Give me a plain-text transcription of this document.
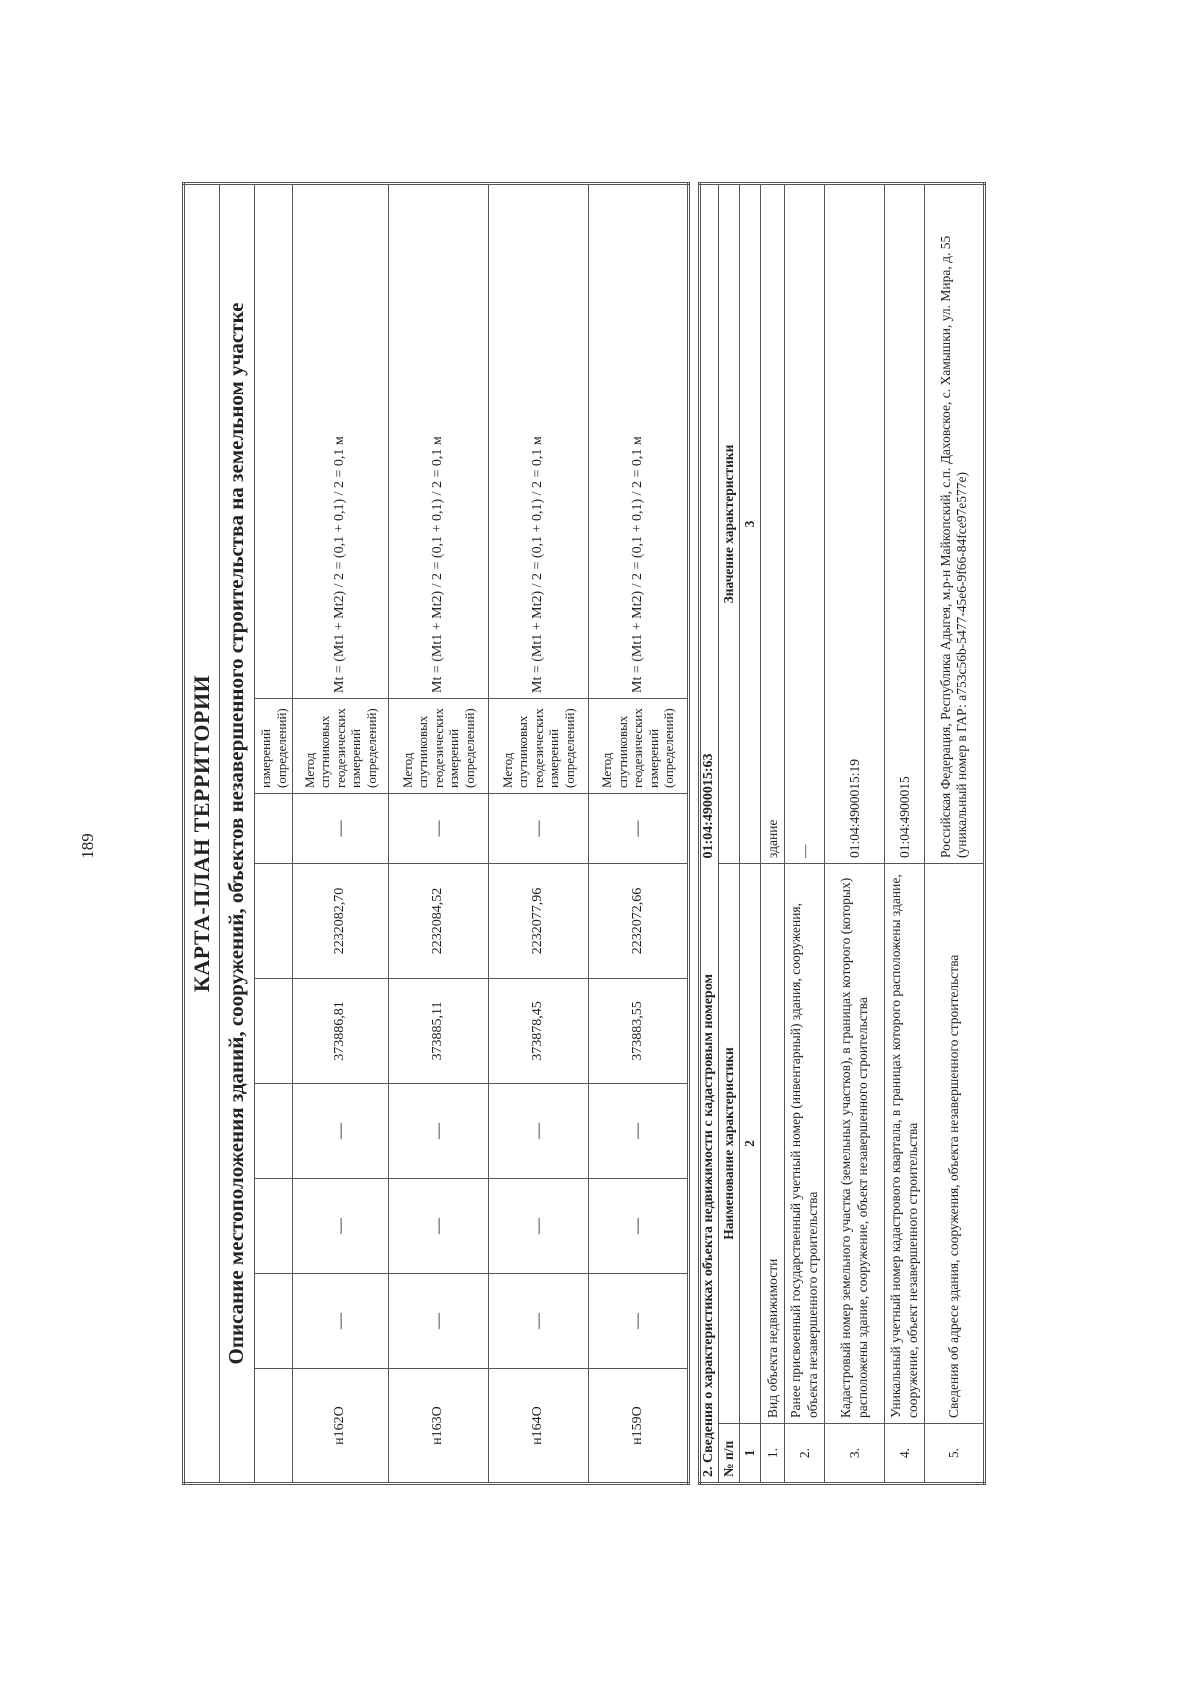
189	КАРТА-ПЛАН ТЕРРИТОРИИ								
Описание местоположения зданий, сооружений, объектов незавершенного строительства на земельном участке								
							измерений (определений)	
н162О	—	—	—	373886,81	2232082,70	—	Метод спутниковых геодезических измерений (определений)	Mt = (Mt1 + Mt2) / 2 = (0,1 + 0,1) / 2 = 0,1 м
н163О	—	—	—	373885,11	2232084,52	—	Метод спутниковых геодезических измерений (определений)	Mt = (Mt1 + Mt2) / 2 = (0,1 + 0,1) / 2 = 0,1 м
н164О	—	—	—	373878,45	2232077,96	—	Метод спутниковых геодезических измерений (определений)	Mt = (Mt1 + Mt2) / 2 = (0,1 + 0,1) / 2 = 0,1 м
н159О	—	—	—	373883,55	2232072,66	—	Метод спутниковых геодезических измерений (определений)	Mt = (Mt1 + Mt2) / 2 = (0,1 + 0,1) / 2 = 0,1 м
2. Сведения о характеристиках объекта недвижимости с кадастровым номером		01:04:4900015:63
№ п/п	Наименование характеристики	Значение характеристики
1	2	3
1.	Вид объекта недвижимости	здание
2.	Ранее присвоенный государственный учетный номер (инвентарный) здания, сооружения, объекта незавершенного строительства	—
3.	Кадастровый номер земельного участка (земельных участков), в границах которого (которых) расположены здание, сооружение, объект незавершенного строительства	01:04:4900015:19
4.	Уникальный учетный номер кадастрового квартала, в границах которого расположены здание, сооружение, объект незавершенного строительства	01:04:4900015
5.	Сведения об адресе здания, сооружения, объекта незавершенного строительства	Российская Федерация, Республика Адыгея, м.р-н Майкопский, с.п. Даховское, с. Хамышки, ул. Мира, д. 55 (уникальный номер в ГАР: a753c56b-5477-45e6-9f66-84fce97e577e)
